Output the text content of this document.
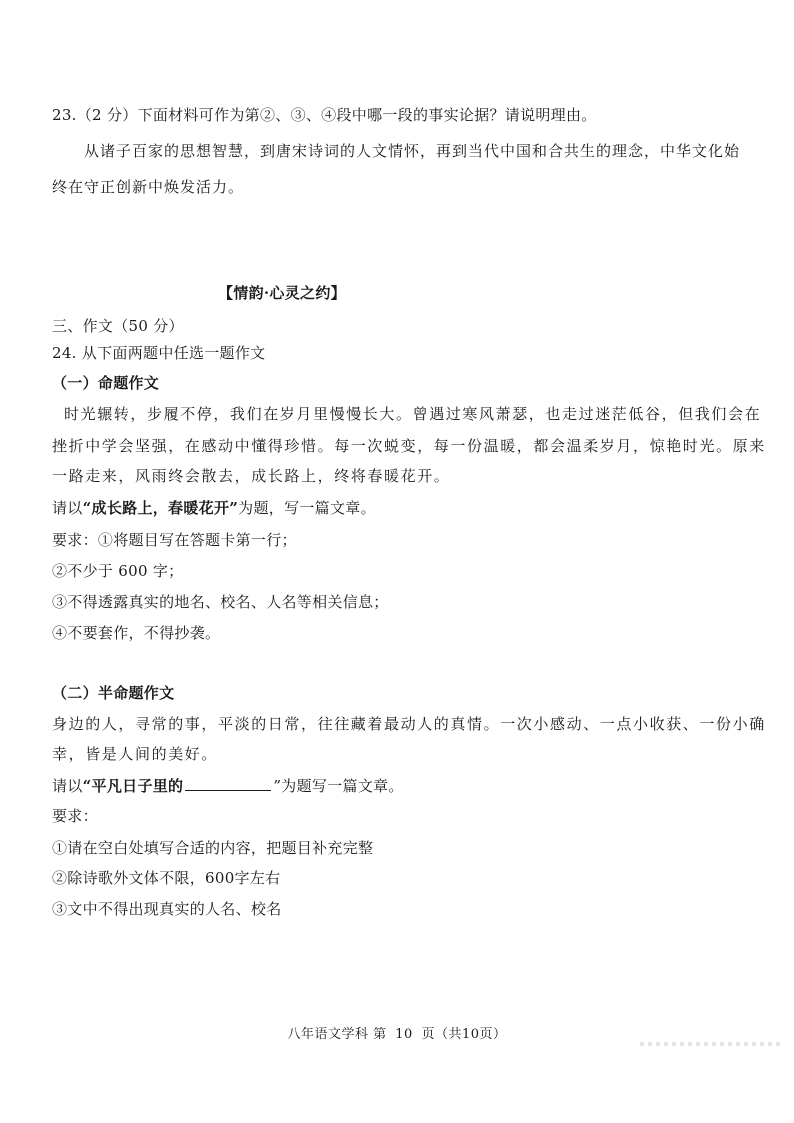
23.（2 分）下面材料可作为第②、③、④段中哪一段的事实论据？请说明理由。
从诸子百家的思想智慧，到唐宋诗词的人文情怀，再到当代中国和合共生的理念，中华文化始
终在守正创新中焕发活力。
【情韵·心灵之约】
三、作文（50 分）
24. 从下面两题中任选一题作文
（一）命题作文
时光辗转，步履不停，我们在岁月里慢慢长大。曾遇过寒风萧瑟，也走过迷茫低谷，但我们会在
挫折中学会坚强，在感动中懂得珍惜。每一次蜕变，每一份温暖，都会温柔岁月，惊艳时光。原来
一路走来，风雨终会散去，成长路上，终将春暖花开。
请以“成长路上，春暖花开”为题，写一篇文章。
要求：①将题目写在答题卡第一行；
②不少于 600 字；
③不得透露真实的地名、校名、人名等相关信息；
④不要套作，不得抄袭。
（二）半命题作文
身边的人，寻常的事，平淡的日常，往往藏着最动人的真情。一次小感动、一点小收获、一份小确
幸，皆是人间的美好。
请以“平凡日子里的	”为题写一篇文章。
要求：
①请在空白处填写合适的内容，把题目补充完整
②除诗歌外文体不限，600字左右
③文中不得出现真实的人名、校名
八年语文学科 第 10 页（共10页）
